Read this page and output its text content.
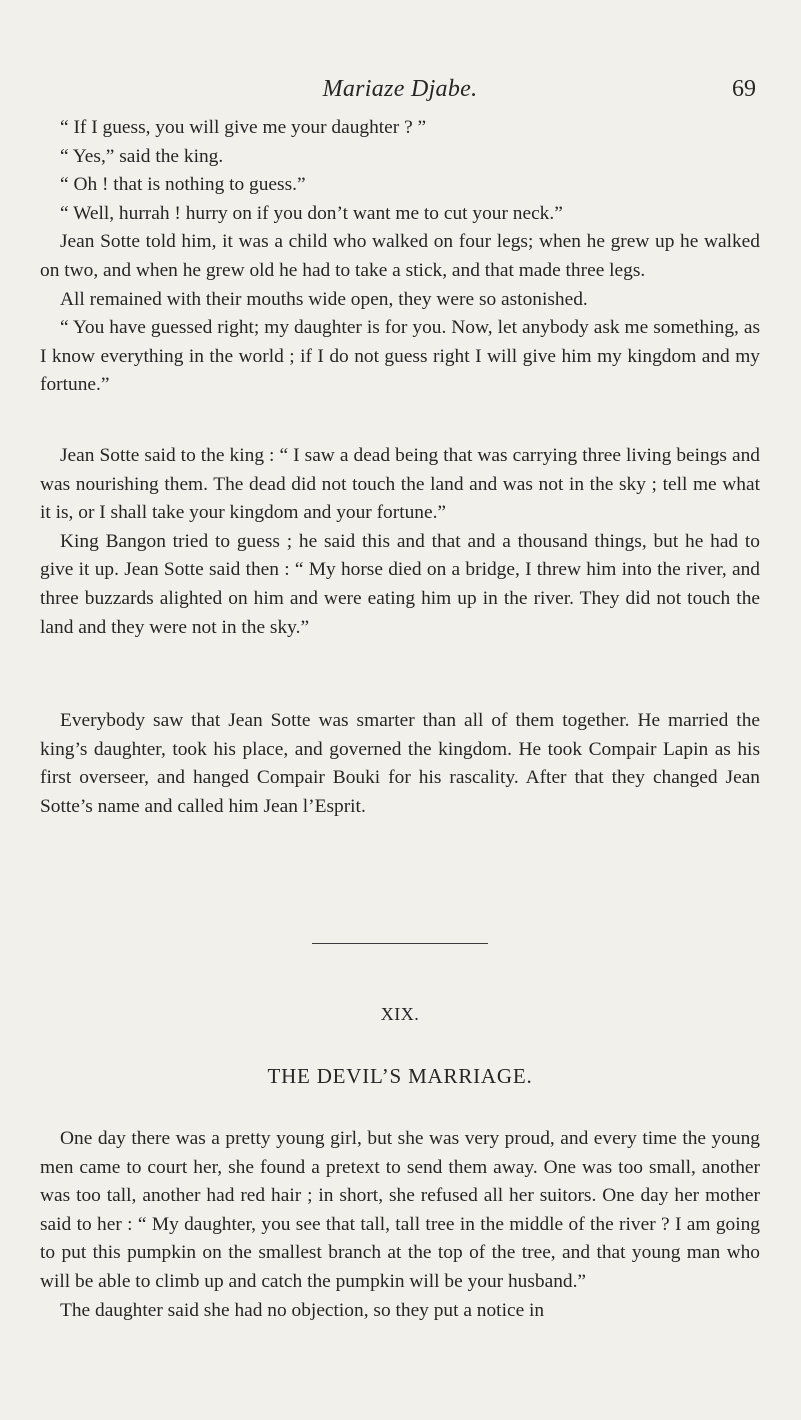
Mariaze Djabe.	69

“ If I guess, you will give me your daughter ? ”

“ Yes,” said the king.

“ Oh ! that is nothing to guess.”

“ Well, hurrah ! hurry on if you don’t want me to cut your neck.”

Jean Sotte told him, it was a child who walked on four legs; when he grew up he walked on two, and when he grew old he had to take a stick, and that made three legs.

All remained with their mouths wide open, they were so astonished.

“ You have guessed right; my daughter is for you. Now, let anybody ask me something, as I know everything in the world ; if I do not guess right I will give him my kingdom and my fortune.”

Jean Sotte said to the king : “ I saw a dead being that was carrying three living beings and was nourishing them. The dead did not touch the land and was not in the sky ; tell me what it is, or I shall take your kingdom and your fortune.”

King Bangon tried to guess ; he said this and that and a thousand things, but he had to give it up. Jean Sotte said then : “ My horse died on a bridge, I threw him into the river, and three buzzards alighted on him and were eating him up in the river. They did not touch the land and they were not in the sky.”

Everybody saw that Jean Sotte was smarter than all of them together. He married the king’s daughter, took his place, and governed the kingdom. He took Compair Lapin as his first overseer, and hanged Compair Bouki for his rascality. After that they changed Jean Sotte’s name and called him Jean l’Esprit.

XIX.
THE DEVIL’S MARRIAGE.

One day there was a pretty young girl, but she was very proud, and every time the young men came to court her, she found a pretext to send them away. One was too small, another was too tall, another had red hair ; in short, she refused all her suitors. One day her mother said to her : “ My daughter, you see that tall, tall tree in the middle of the river ? I am going to put this pumpkin on the smallest branch at the top of the tree, and that young man who will be able to climb up and catch the pumpkin will be your husband.”

The daughter said she had no objection, so they put a notice in
